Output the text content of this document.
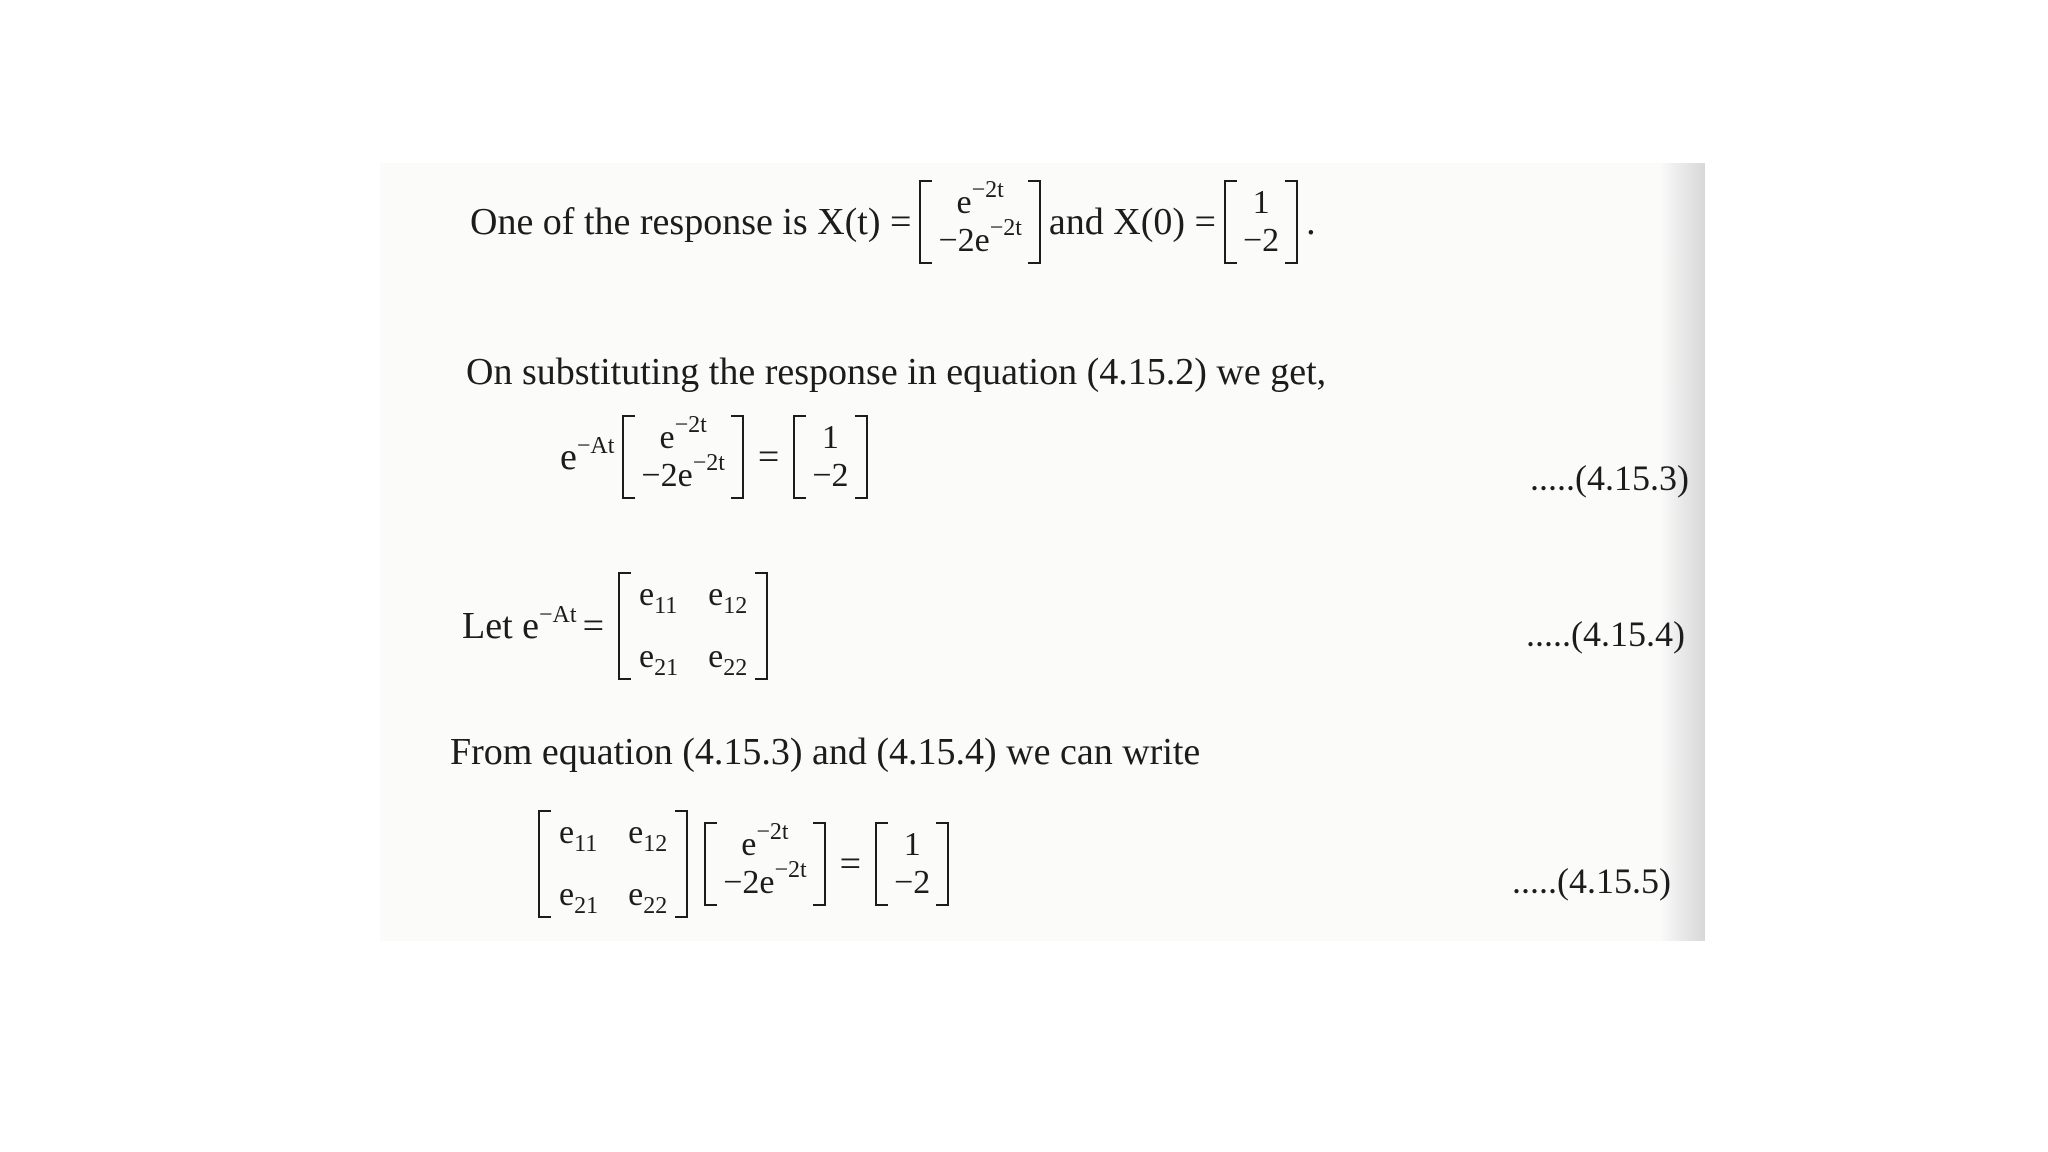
One of the response is $X(t) = e^{-2t}$
$-2e^{-2t}$ and X(0) = 1
−2 .
On substituting the response in equation (4.15.2) we get,
$e^{-At}$ $e^{-2t}$
$-2e^{-2t} = 1$
−2	.....(4.15.3)
Let $e^{-At}$ =
$e_{11}$ $e_{12}$
$e_{21}$ $e_{22}$
.....(4.15.4)
From equation (4.15.3) and (4.15.4) we can write
$e_{11}$ $e_{12}$
$e_{21}$ $e_{22}$
$e^{-2t}$
$-2e^{-2t} = 1$
−2	.....(4.15.5)
